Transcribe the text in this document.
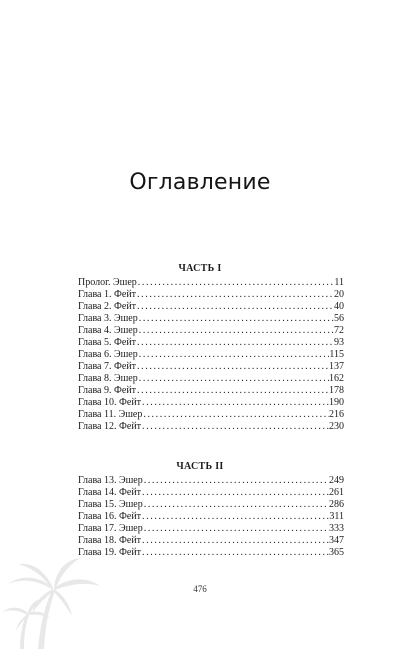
Оглавление
ЧАСТЬ I
Пролог. Эшер .....	11
Глава 1. Фейт .....	20
Глава 2. Фейт .....	40
Глава 3. Эшер .....	56
Глава 4. Эшер .....	72
Глава 5. Фейт .....	93
Глава 6. Эшер .....	115
Глава 7. Фейт .....	137
Глава 8. Эшер .....	162
Глава 9. Фейт .....	178
Глава 10. Фейт .....	190
Глава 11. Эшер .....	216
Глава 12. Фейт .....	230
ЧАСТЬ II
Глава 13. Эшер .....	249
Глава 14. Фейт .....	261
Глава 15. Эшер .....	286
Глава 16. Фейт .....	311
Глава 17. Эшер .....	333
Глава 18. Фейт .....	347
Глава 19. Фейт .....	365
476
